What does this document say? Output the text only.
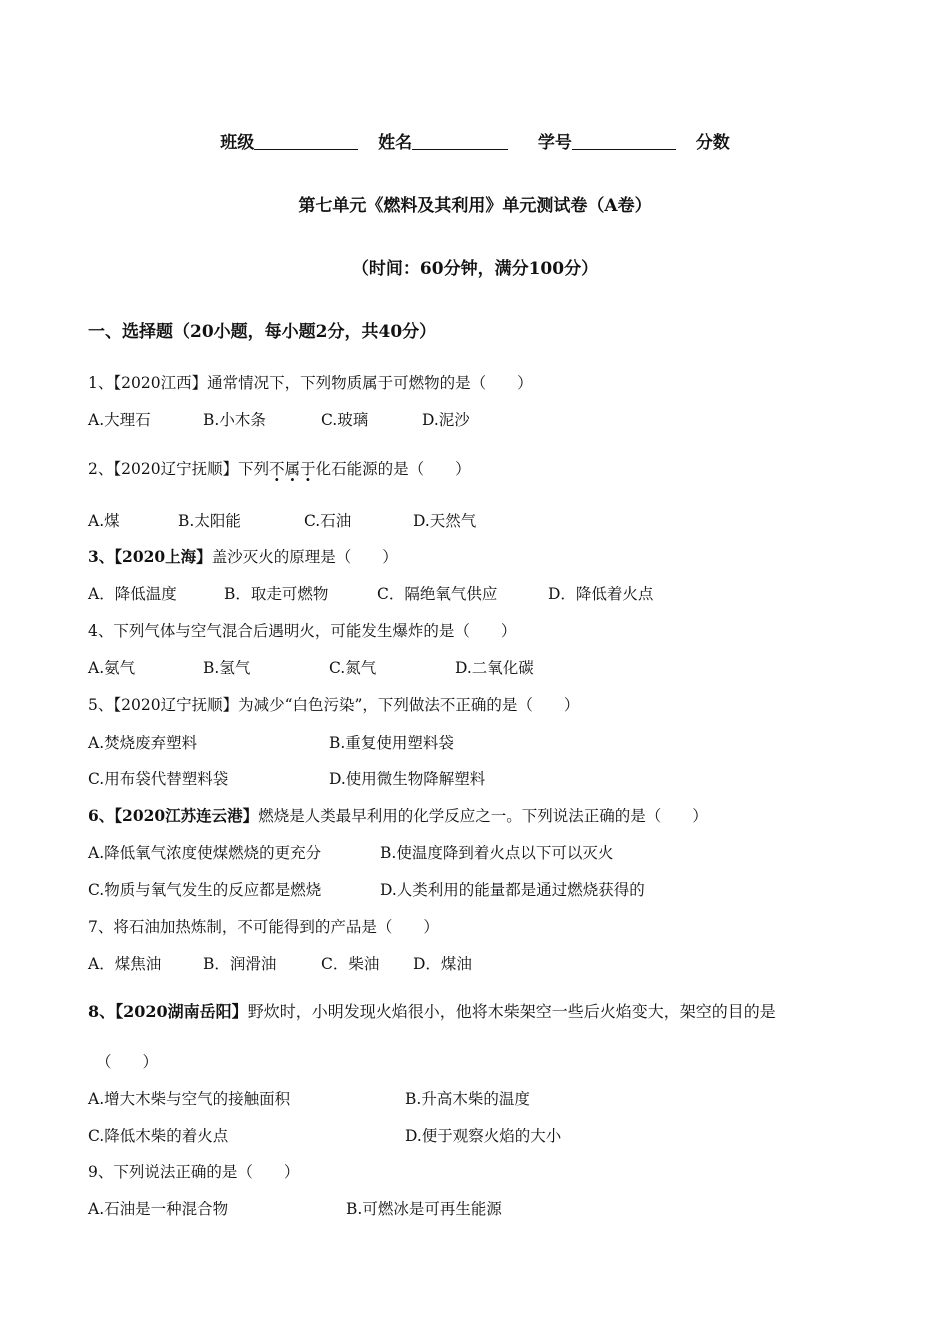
班级	姓名	学号	分数
第七单元《燃料及其利用》单元测试卷（A卷）
（时间：60分钟，满分100分）
一、选择题（20小题，每小题2分，共40分）
1、【2020江西】通常情况下，下列物质属于可燃物的是（　　）
A.大理石	B.小木条	C.玻璃	D.泥沙
2、【2020辽宁抚顺】下列不属于化石能源的是（　　）
A.煤	B.太阳能	C.石油	D.天然气
3、【2020上海】盖沙灭火的原理是（　　）
A．降低温度	B．取走可燃物	C．隔绝氧气供应	D．降低着火点
4、下列气体与空气混合后遇明火，可能发生爆炸的是（　　）
A.氨气	B.氢气	C.氮气	D.二氧化碳
5、【2020辽宁抚顺】为减少“白色污染”，下列做法不正确的是（　　）
A.焚烧废弃塑料	B.重复使用塑料袋
C.用布袋代替塑料袋	D.使用微生物降解塑料
6、【2020江苏连云港】燃烧是人类最早利用的化学反应之一。下列说法正确的是（　　）
A.降低氧气浓度使煤燃烧的更充分	B.使温度降到着火点以下可以灭火
C.物质与氧气发生的反应都是燃烧	D.人类利用的能量都是通过燃烧获得的
7、将石油加热炼制，不可能得到的产品是（　　）
A．煤焦油	B．润滑油	C．柴油 D．煤油
8、【2020湖南岳阳】野炊时，小明发现火焰很小，他将木柴架空一些后火焰变大，架空的目的是
（　　）
A.增大木柴与空气的接触面积	B.升高木柴的温度
C.降低木柴的着火点	D.便于观察火焰的大小
9、下列说法正确的是（　　）
A.石油是一种混合物	B.可燃冰是可再生能源
